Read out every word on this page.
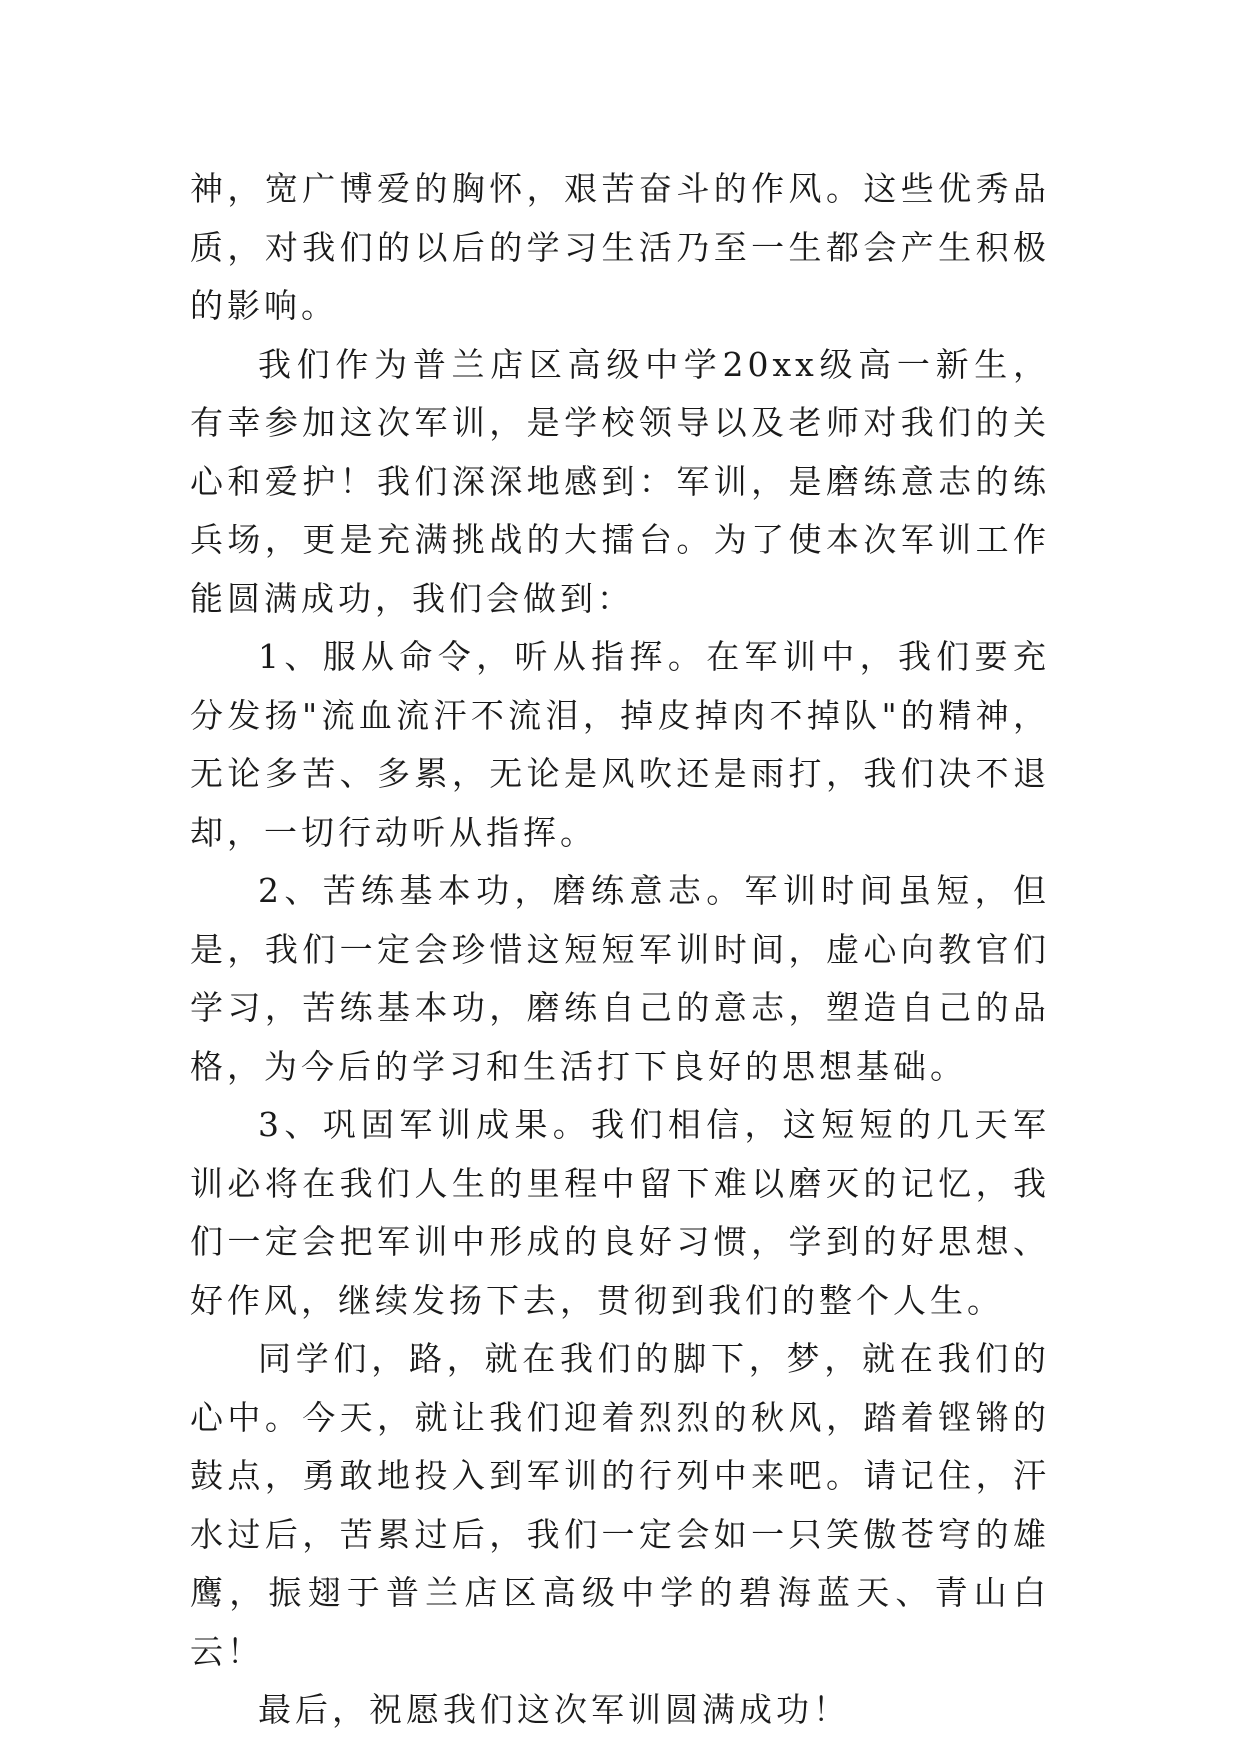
神，宽广博爱的胸怀，艰苦奋斗的作风。这些优秀品质，对我们的以后的学习生活乃至一生都会产生积极的影响。

我们作为普兰店区高级中学20xx级高一新生，有幸参加这次军训，是学校领导以及老师对我们的关心和爱护！我们深深地感到：军训，是磨练意志的练兵场，更是充满挑战的大擂台。为了使本次军训工作能圆满成功，我们会做到：

1、服从命令，听从指挥。在军训中，我们要充分发扬"流血流汗不流泪，掉皮掉肉不掉队"的精神，无论多苦、多累，无论是风吹还是雨打，我们决不退却，一切行动听从指挥。

2、苦练基本功，磨练意志。军训时间虽短，但是，我们一定会珍惜这短短军训时间，虚心向教官们学习，苦练基本功，磨练自己的意志，塑造自己的品格，为今后的学习和生活打下良好的思想基础。

3、巩固军训成果。我们相信，这短短的几天军训必将在我们人生的里程中留下难以磨灭的记忆，我们一定会把军训中形成的良好习惯，学到的好思想、好作风，继续发扬下去，贯彻到我们的整个人生。

同学们，路，就在我们的脚下，梦，就在我们的心中。今天，就让我们迎着烈烈的秋风，踏着铿锵的鼓点，勇敢地投入到军训的行列中来吧。请记住，汗水过后，苦累过后，我们一定会如一只笑傲苍穹的雄鹰，振翅于普兰店区高级中学的碧海蓝天、青山白云！

最后，祝愿我们这次军训圆满成功！
